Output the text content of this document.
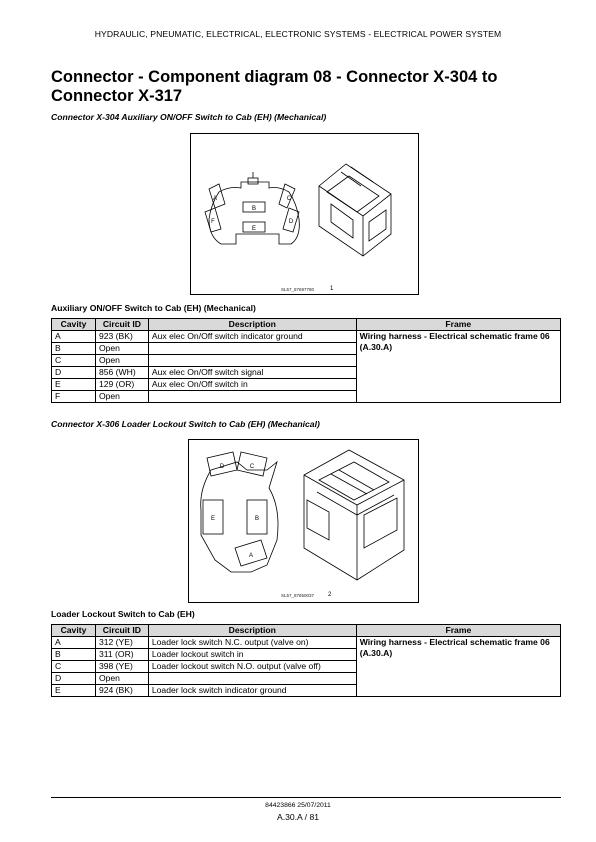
HYDRAULIC, PNEUMATIC, ELECTRICAL, ELECTRONIC SYSTEMS - ELECTRICAL POWER SYSTEM
Connector - Component diagram 08 - Connector X-304 to Connector X-317
Connector X-304 Auxiliary ON/OFF Switch to Cab (EH) (Mechanical)
A
B
C
D
E
F
SL57_87697780	1
Auxiliary ON/OFF Switch to Cab (EH) (Mechanical)
Cavity	Circuit ID	Description	Frame
A	923 (BK)	Aux elec On/Off switch indicator ground	Wiring harness - Electrical schematic frame 06 (A.30.A)
B	Open		
C	Open		
D	856 (WH)	Aux elec On/Off switch signal	
E	129 (OR)	Aux elec On/Off switch in	
F	Open		
Connector X-306 Loader Lockout Switch to Cab (EH) (Mechanical)
A
B
C
D
E
SL57_87650037 2
Loader Lockout Switch to Cab (EH)
Cavity	Circuit ID	Description	Frame
A	312 (YE)	Loader lock switch N.C. output (valve on)	Wiring harness - Electrical schematic frame 06 (A.30.A)
B	311 (OR)	Loader lockout switch in	
C	398 (YE)	Loader lockout switch N.O. output (valve off)	
D	Open		
E	924 (BK)	Loader lock switch indicator ground	
84423866 25/07/2011
A.30.A / 81
